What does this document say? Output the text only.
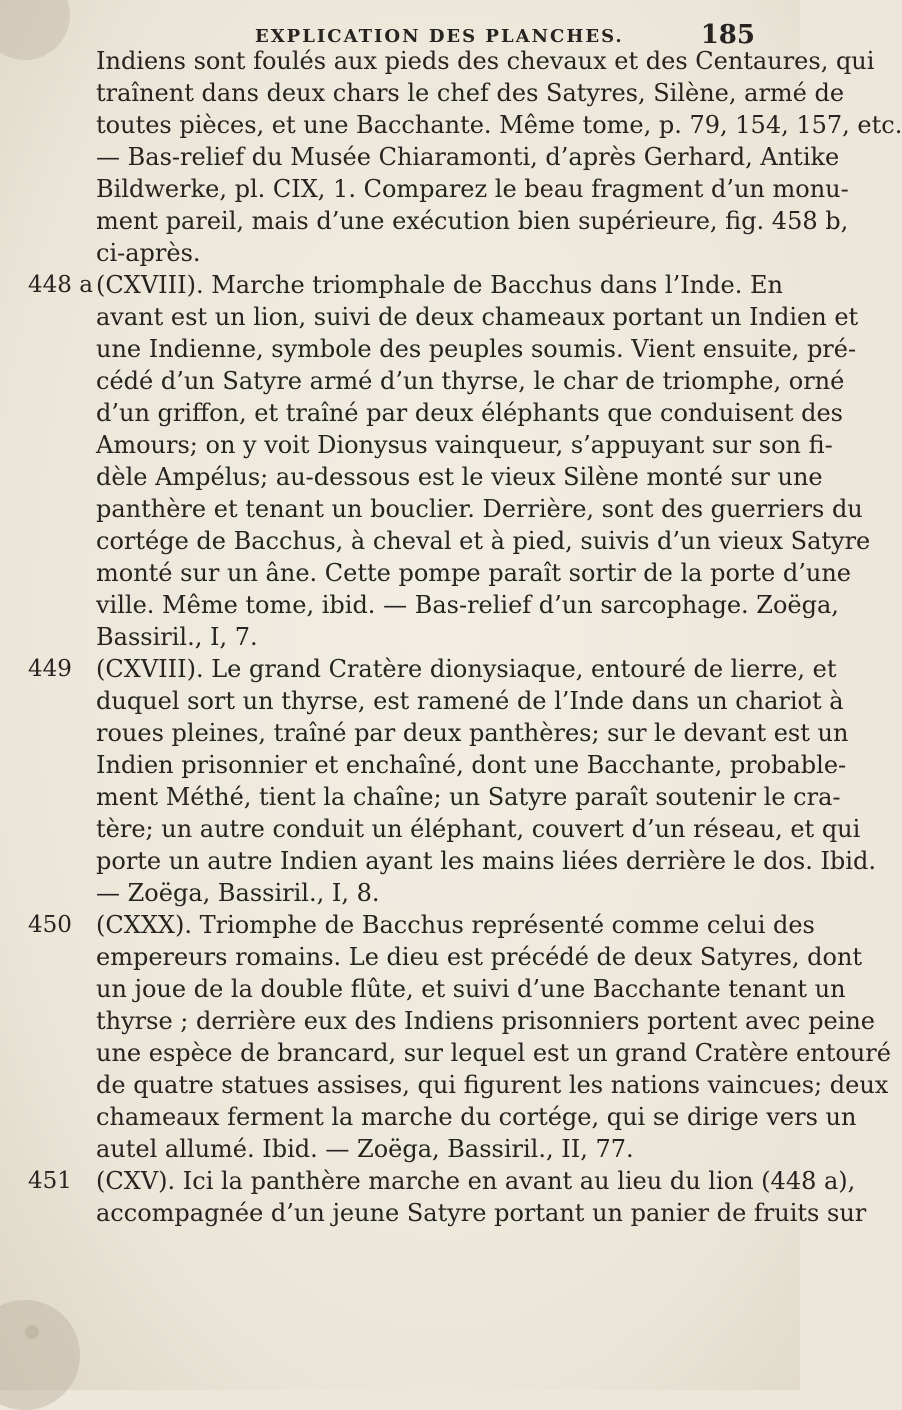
EXPLICATION DES PLANCHES.	185
Indiens sont foulés aux pieds des chevaux et des Centaures, qui
traînent dans deux chars le chef des Satyres, Silène, armé de
toutes pièces, et une Bacchante. Même tome, p. 79, 154, 157, etc.
— Bas-relief du Musée Chiaramonti, d’après Gerhard, Antike
Bildwerke, pl. CIX, 1. Comparez le beau fragment d’un monu-
ment pareil, mais d’une exécution bien supérieure, fig. 458 b,
ci-après.
448 a (CXVIII). Marche triomphale de Bacchus dans l’Inde. En
avant est un lion, suivi de deux chameaux portant un Indien et
une Indienne, symbole des peuples soumis. Vient ensuite, pré-
cédé d’un Satyre armé d’un thyrse, le char de triomphe, orné
d’un griffon, et traîné par deux éléphants que conduisent des
Amours; on y voit Dionysus vainqueur, s’appuyant sur son fi-
dèle Ampélus; au-dessous est le vieux Silène monté sur une
panthère et tenant un bouclier. Derrière, sont des guerriers du
cortége de Bacchus, à cheval et à pied, suivis d’un vieux Satyre
monté sur un âne. Cette pompe paraît sortir de la porte d’une
ville. Même tome, ibid. — Bas-relief d’un sarcophage. Zoëga,
Bassiril., I, 7.
449 (CXVIII). Le grand Cratère dionysiaque, entouré de lierre, et
duquel sort un thyrse, est ramené de l’Inde dans un chariot à
roues pleines, traîné par deux panthères; sur le devant est un
Indien prisonnier et enchaîné, dont une Bacchante, probable-
ment Méthé, tient la chaîne; un Satyre paraît soutenir le cra-
tère; un autre conduit un éléphant, couvert d’un réseau, et qui
porte un autre Indien ayant les mains liées derrière le dos. Ibid.
— Zoëga, Bassiril., I, 8.
450 (CXXX). Triomphe de Bacchus représenté comme celui des
empereurs romains. Le dieu est précédé de deux Satyres, dont
un joue de la double flûte, et suivi d’une Bacchante tenant un
thyrse ; derrière eux des Indiens prisonniers portent avec peine
une espèce de brancard, sur lequel est un grand Cratère entouré
de quatre statues assises, qui figurent les nations vaincues; deux
chameaux ferment la marche du cortége, qui se dirige vers un
autel allumé. Ibid. — Zoëga, Bassiril., II, 77.
451 (CXV). Ici la panthère marche en avant au lieu du lion (448 a),
accompagnée d’un jeune Satyre portant un panier de fruits sur
